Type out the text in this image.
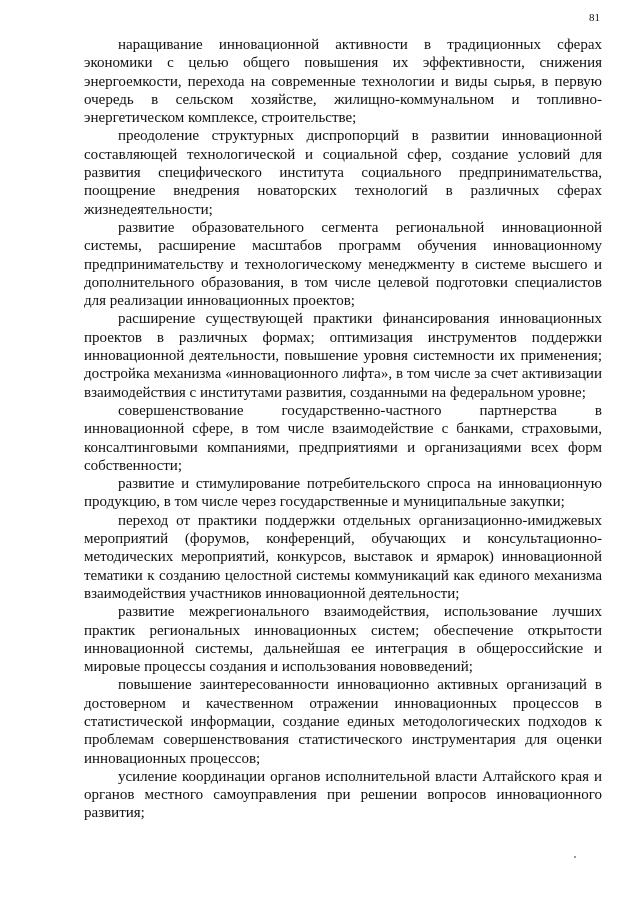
81

наращивание инновационной активности в традиционных сферах экономики с целью общего повышения их эффективности, снижения энергоемкости, перехода на современные технологии и виды сырья, в первую очередь в сельском хозяйстве, жилищно-коммунальном и топливно-энергетическом комплексе, строительстве;

преодоление структурных диспропорций в развитии инновационной составляющей технологической и социальной сфер, создание условий для развития специфического института социального предпринимательства, поощрение внедрения новаторских технологий в различных сферах жизнедеятельности;

развитие образовательного сегмента региональной инновационной системы, расширение масштабов программ обучения инновационному предпринимательству и технологическому менеджменту в системе высшего и дополнительного образования, в том числе целевой подготовки специалистов для реализации инновационных проектов;

расширение существующей практики финансирования инновационных проектов в различных формах; оптимизация инструментов поддержки инновационной деятельности, повышение уровня системности их применения; достройка механизма «инновационного лифта», в том числе за счет активизации взаимодействия с институтами развития, созданными на федеральном уровне;

совершенствование государственно-частного партнерства в инновационной сфере, в том числе взаимодействие с банками, страховыми, консалтинговыми компаниями, предприятиями и организациями всех форм собственности;

развитие и стимулирование потребительского спроса на инновационную продукцию, в том числе через государственные и муниципальные закупки;

переход от практики поддержки отдельных организационно-имиджевых мероприятий (форумов, конференций, обучающих и консультационно-методических мероприятий, конкурсов, выставок и ярмарок) инновационной тематики к созданию целостной системы коммуникаций как единого механизма взаимодействия участников инновационной деятельности;

развитие межрегионального взаимодействия, использование лучших практик региональных инновационных систем; обеспечение открытости инновационной системы, дальнейшая ее интеграция в общероссийские и мировые процессы создания и использования нововведений;

повышение заинтересованности инновационно активных организаций в достоверном и качественном отражении инновационных процессов в статистической информации, создание единых методологических подходов к проблемам совершенствования статистического инструментария для оценки инновационных процессов;

усиление координации органов исполнительной власти Алтайского края и органов местного самоуправления при решении вопросов инновационного развития;
